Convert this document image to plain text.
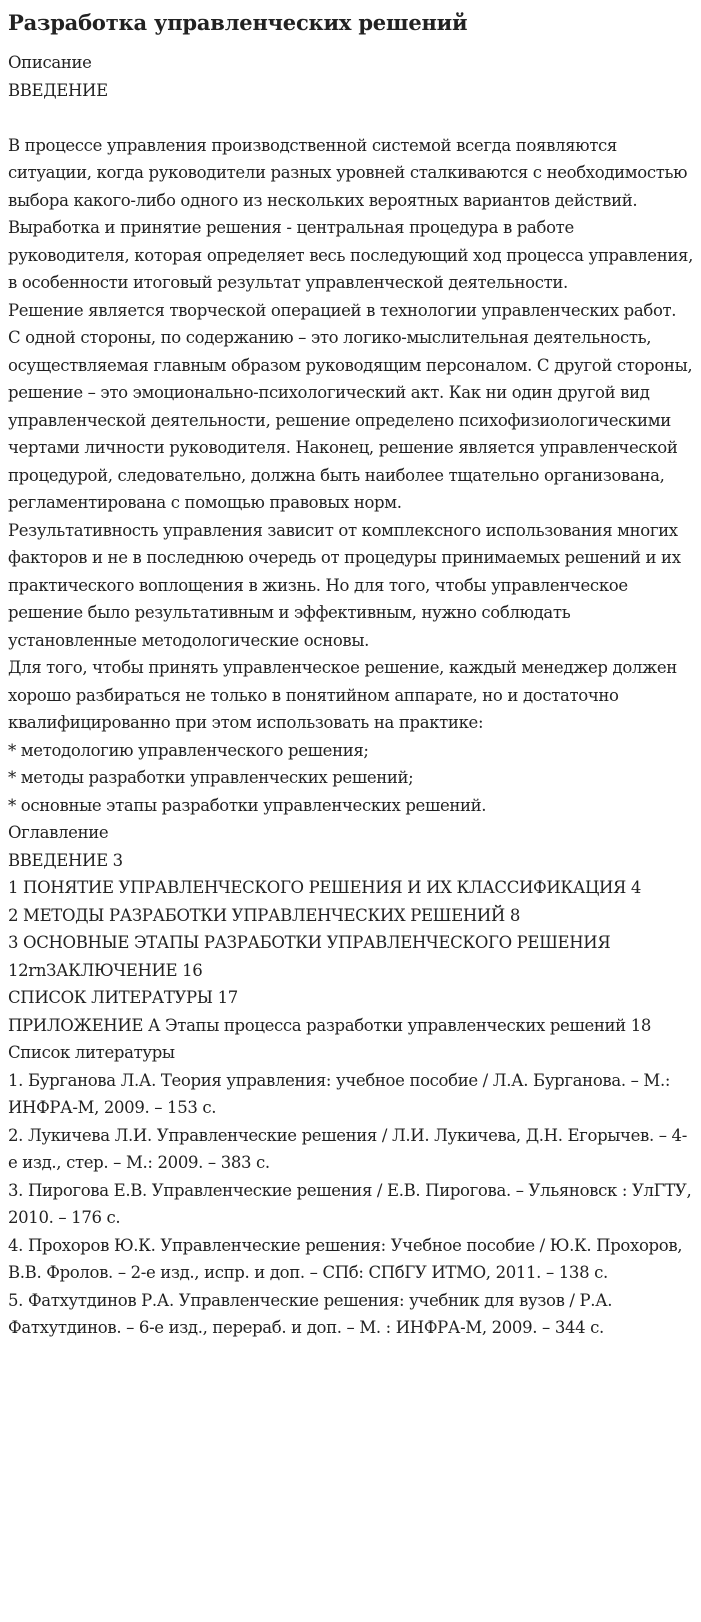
Разработка управленческих решений
Описание
ВВЕДЕНИЕ
В процессе управления производственной системой всегда появляются ситуации, когда руководители разных уровней сталкиваются с необходимостью выбора какого-либо одного из нескольких вероятных вариантов действий. Выработка и принятие решения - центральная процедура в работе руководителя, которая определяет весь последующий ход процесса управления, в особенности итоговый результат управленческой деятельности.
Решение является творческой операцией в технологии управленческих работ. С одной стороны, по содержанию – это логико-мыслительная деятельность, осуществляемая главным образом руководящим персоналом. С другой стороны, решение – это эмоционально-психологический акт. Как ни один другой вид управленческой деятельности, решение определено психофизиологическими чертами личности руководителя. Наконец, решение является управленческой процедурой, следовательно, должна быть наиболее тщательно организована, регламентирована с помощью правовых норм.
Результативность управления зависит от комплексного использования многих факторов и не в последнюю очередь от процедуры принимаемых решений и их практического воплощения в жизнь. Но для того, чтобы управленческое решение было результативным и эффективным, нужно соблюдать установленные методологические основы.
Для того, чтобы принять управленческое решение, каждый менеджер должен хорошо разбираться не только в понятийном аппарате, но и достаточно квалифицированно при этом использовать на практике:
* методологию управленческого решения;
* методы разработки управленческих решений;
* основные этапы разработки управленческих решений.
Оглавление
ВВЕДЕНИЕ 3
1 ПОНЯТИЕ УПРАВЛЕНЧЕСКОГО РЕШЕНИЯ И ИХ КЛАССИФИКАЦИЯ 4
2 МЕТОДЫ РАЗРАБОТКИ УПРАВЛЕНЧЕСКИХ РЕШЕНИЙ 8
3 ОСНОВНЫЕ ЭТАПЫ РАЗРАБОТКИ УПРАВЛЕНЧЕСКОГО РЕШЕНИЯ 12rnЗАКЛЮЧЕНИЕ 16
СПИСОК ЛИТЕРАТУРЫ 17
ПРИЛОЖЕНИЕ А Этапы процесса разработки управленческих решений 18
Список литературы
1. Бурганова Л.А. Теория управления: учебное пособие / Л.А. Бурганова. – М.: ИНФРА-М, 2009. – 153 с.
2. Лукичева Л.И. Управленческие решения / Л.И. Лукичева, Д.Н. Егорычев. – 4-е изд., стер. – М.: 2009. – 383 с.
3. Пирогова Е.В. Управленческие решения / Е.В. Пирогова. – Ульяновск : УлГТУ, 2010. – 176 с.
4. Прохоров Ю.К. Управленческие решения: Учебное пособие / Ю.К. Прохоров, В.В. Фролов. – 2-е изд., испр. и доп. – СПб: СПбГУ ИТМО, 2011. – 138 с.
5. Фатхутдинов Р.А. Управленческие решения: учебник для вузов / Р.А. Фатхутдинов. – 6-е изд., перераб. и доп. – М. : ИНФРА-М, 2009. – 344 с.
